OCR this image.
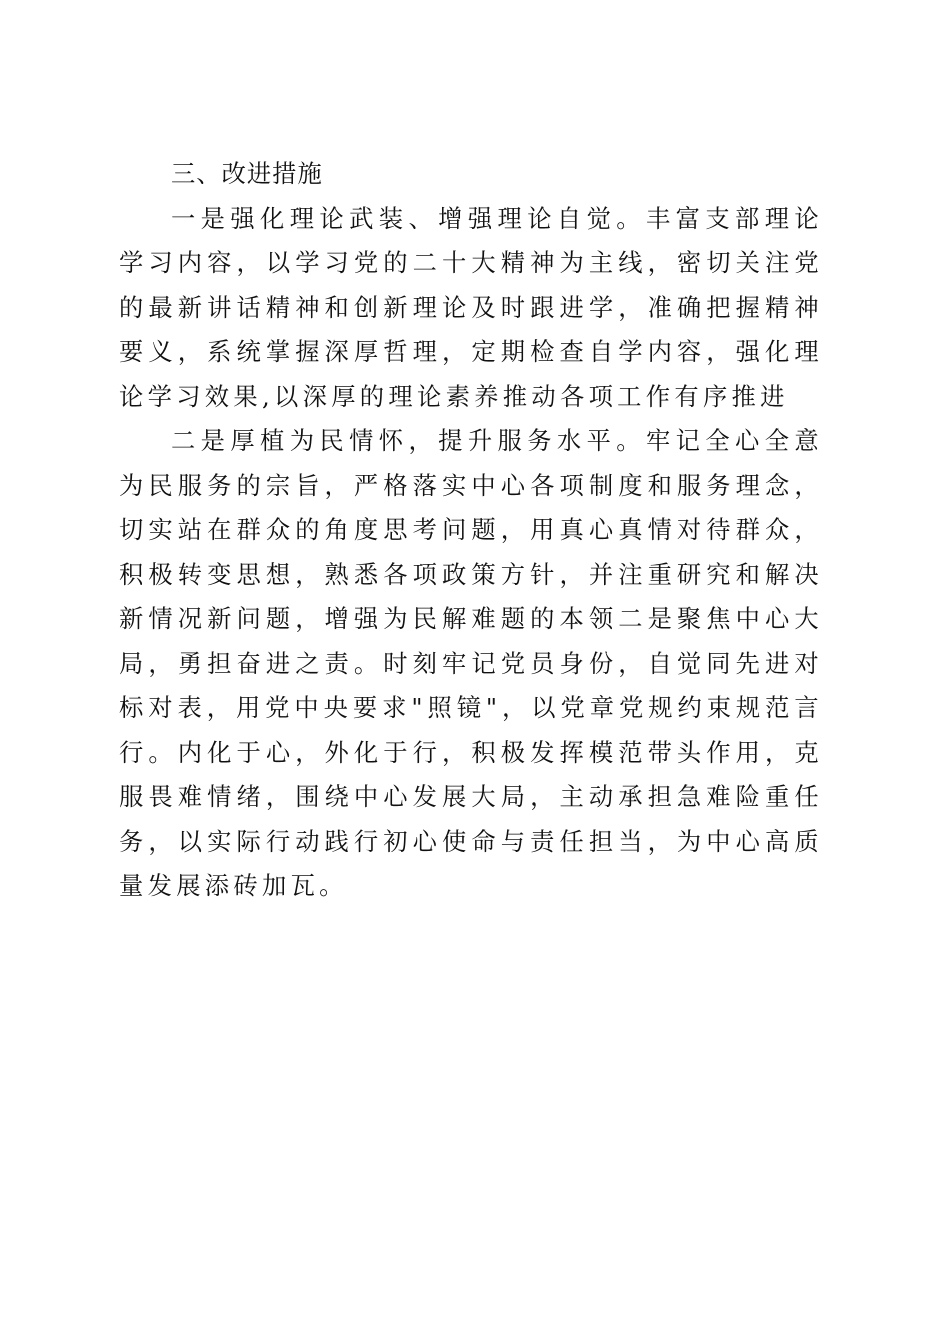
三、改进措施

一是强化理论武装、增强理论自觉。丰富支部理论学习内容，以学习党的二十大精神为主线，密切关注党的最新讲话精神和创新理论及时跟进学，准确把握精神要义，系统掌握深厚哲理，定期检查自学内容，强化理论学习效果,以深厚的理论素养推动各项工作有序推进

二是厚植为民情怀，提升服务水平。牢记全心全意为民服务的宗旨，严格落实中心各项制度和服务理念，切实站在群众的角度思考问题，用真心真情对待群众，积极转变思想，熟悉各项政策方针，并注重研究和解决新情况新问题，增强为民解难题的本领二是聚焦中心大局，勇担奋进之责。时刻牢记党员身份，自觉同先进对标对表，用党中央要求"照镜"，以党章党规约束规范言行。内化于心，外化于行，积极发挥模范带头作用，克服畏难情绪，围绕中心发展大局，主动承担急难险重任务，以实际行动践行初心使命与责任担当，为中心高质量发展添砖加瓦。
